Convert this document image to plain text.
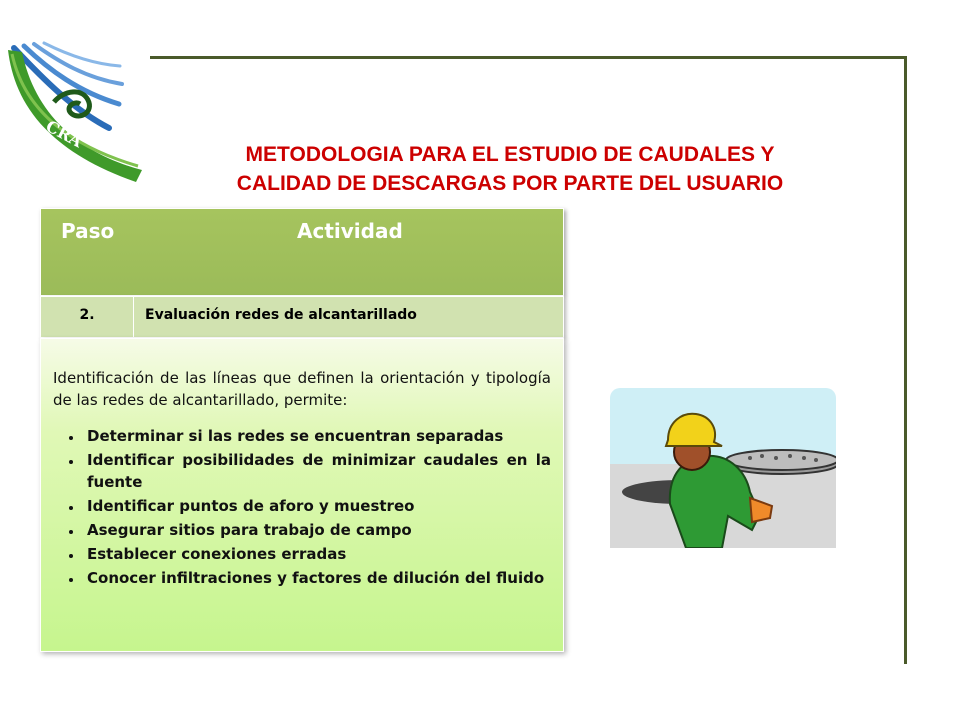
CRA
METODOLOGIA PARA EL ESTUDIO DE CAUDALES Y
CALIDAD DE DESCARGAS POR PARTE DEL USUARIO
Paso	Actividad
2.	Evaluación redes de alcantarillado

Identificación de las líneas que definen la orientación y tipología de las redes de alcantarillado, permite:

• Determinar si las redes se encuentran separadas
• Identificar posibilidades de minimizar caudales en la fuente
• Identificar puntos de aforo y muestreo
• Asegurar sitios para trabajo de campo
• Establecer conexiones erradas
• Conocer infiltraciones y factores de dilución del fluido
